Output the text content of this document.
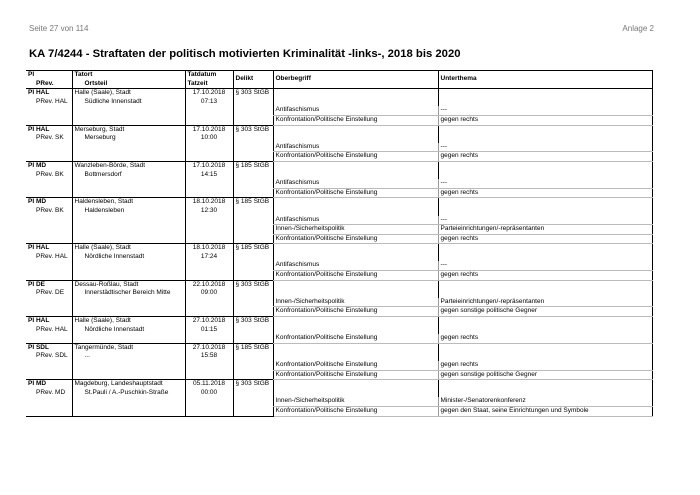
Seite 27 von 114	Anlage 2
KA 7/4244 - Straftaten der politisch motivierten Kriminalität -links-, 2018 bis 2020
PI	Tatort	Tatdatum	Delikt	Oberbegriff	Unterthema
PRev.	Ortsteil	Tatzeit			
PI HAL	Halle (Saale), Stadt	17.10.2018	§ 303 StGB		
PRev. HAL	Südliche Innenstadt	07:13			
				Antifaschismus	---
				Konfrontation/Politische Einstellung	gegen rechts
PI HAL	Merseburg, Stadt	17.10.2018	§ 303 StGB		
PRev. SK	Merseburg	10:00			
				Antifaschismus	---
				Konfrontation/Politische Einstellung	gegen rechts
PI MD	Wanzleben-Börde, Stadt	17.10.2018	§ 185 StGB		
PRev. BK	Bottmersdorf	14:15			
				Antifaschismus	---
				Konfrontation/Politische Einstellung	gegen rechts
PI MD	Haldensleben, Stadt	18.10.2018	§ 185 StGB		
PRev. BK	Haldensleben	12:30			
				Antifaschismus	---
				Innen-/Sicherheitspolitik	Parteieinrichtungen/-repräsentanten
				Konfrontation/Politische Einstellung	gegen rechts
PI HAL	Halle (Saale), Stadt	18.10.2018	§ 185 StGB		
PRev. HAL	Nördliche Innenstadt	17:24			
				Antifaschismus	---
				Konfrontation/Politische Einstellung	gegen rechts
PI DE	Dessau-Roßlau, Stadt	22.10.2018	§ 303 StGB		
PRev. DE	Innerstädtischer Bereich Mitte	09:00			
				Innen-/Sicherheitspolitik	Parteieinrichtungen/-repräsentanten
				Konfrontation/Politische Einstellung	gegen sonstige politische Gegner
PI HAL	Halle (Saale), Stadt	27.10.2018	§ 303 StGB		
PRev. HAL	Nördliche Innenstadt	01:15			
				Konfrontation/Politische Einstellung	gegen rechts
PI SDL	Tangermünde, Stadt	27.10.2018	§ 185 StGB		
PRev. SDL	...	15:58			
				Konfrontation/Politische Einstellung	gegen rechts
				Konfrontation/Politische Einstellung	gegen sonstige politische Gegner
PI MD	Magdeburg, Landeshauptstadt	05.11.2018	§ 303 StGB		
PRev. MD	St.Pauli / A.-Puschkin-Straße	00:00			
				Innen-/Sicherheitspolitik	Minister-/Senatorenkonferenz
				Konfrontation/Politische Einstellung	gegen den Staat, seine Einrichtungen und Symbole
